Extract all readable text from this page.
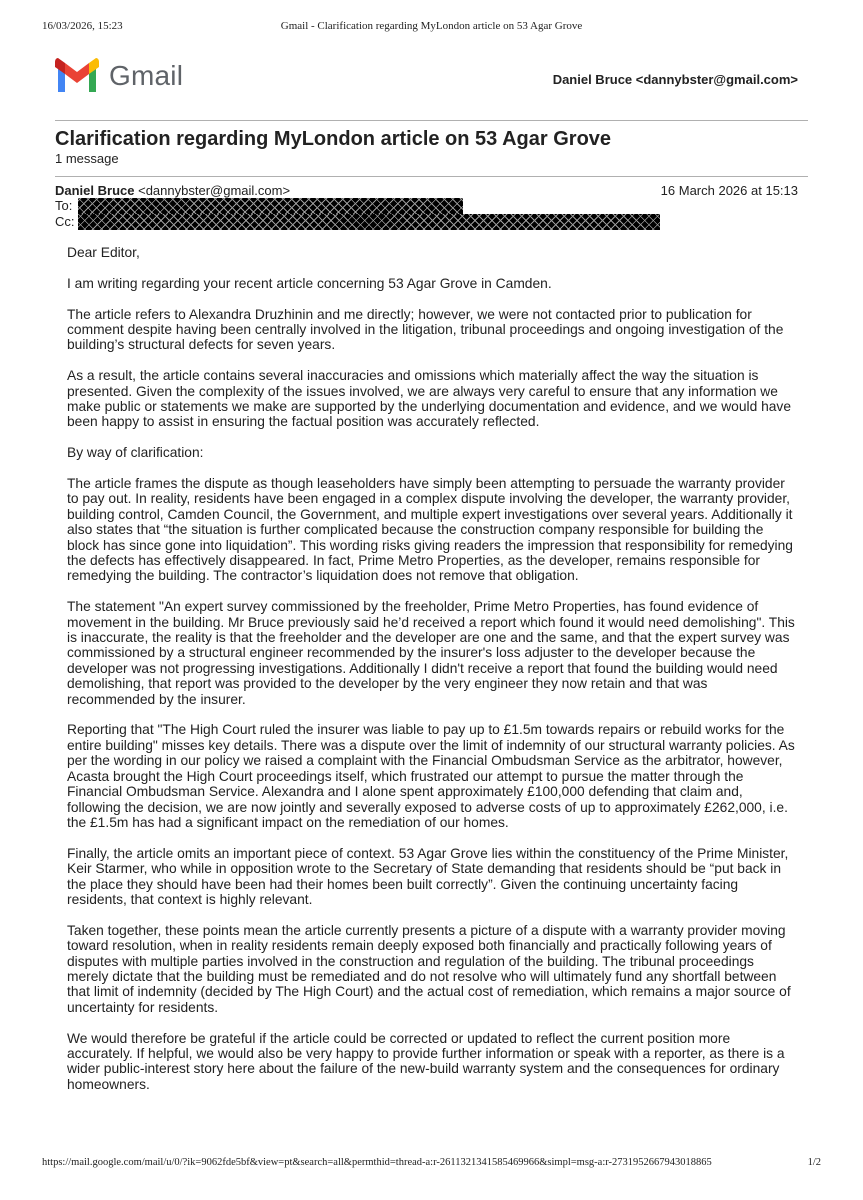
16/03/2026, 15:23	Gmail - Clarification regarding MyLondon article on 53 Agar Grove
Gmail	Daniel Bruce <dannybster@gmail.com>
Clarification regarding MyLondon article on 53 Agar Grove
1 message
Daniel Bruce <dannybster@gmail.com>	16 March 2026 at 15:13
To:
Cc:

Dear Editor,

I am writing regarding your recent article concerning 53 Agar Grove in Camden.

The article refers to Alexandra Druzhinin and me directly; however, we were not contacted prior to publication for comment despite having been centrally involved in the litigation, tribunal proceedings and ongoing investigation of the building’s structural defects for seven years.

As a result, the article contains several inaccuracies and omissions which materially affect the way the situation is presented. Given the complexity of the issues involved, we are always very careful to ensure that any information we make public or statements we make are supported by the underlying documentation and evidence, and we would have been happy to assist in ensuring the factual position was accurately reflected.

By way of clarification:

The article frames the dispute as though leaseholders have simply been attempting to persuade the warranty provider to pay out. In reality, residents have been engaged in a complex dispute involving the developer, the warranty provider, building control, Camden Council, the Government, and multiple expert investigations over several years. Additionally it also states that “the situation is further complicated because the construction company responsible for building the block has since gone into liquidation”. This wording risks giving readers the impression that responsibility for remedying the defects has effectively disappeared. In fact, Prime Metro Properties, as the developer, remains responsible for remedying the building. The contractor’s liquidation does not remove that obligation.

The statement "An expert survey commissioned by the freeholder, Prime Metro Properties, has found evidence of movement in the building. Mr Bruce previously said he’d received a report which found it would need demolishing". This is inaccurate, the reality is that the freeholder and the developer are one and the same, and that the expert survey was commissioned by a structural engineer recommended by the insurer's loss adjuster to the developer because the developer was not progressing investigations. Additionally I didn't receive a report that found the building would need demolishing, that report was provided to the developer by the very engineer they now retain and that was recommended by the insurer.

Reporting that "The High Court ruled the insurer was liable to pay up to £1.5m towards repairs or rebuild works for the entire building" misses key details. There was a dispute over the limit of indemnity of our structural warranty policies. As per the wording in our policy we raised a complaint with the Financial Ombudsman Service as the arbitrator, however, Acasta brought the High Court proceedings itself, which frustrated our attempt to pursue the matter through the Financial Ombudsman Service. Alexandra and I alone spent approximately £100,000 defending that claim and, following the decision, we are now jointly and severally exposed to adverse costs of up to approximately £262,000, i.e. the £1.5m has had a significant impact on the remediation of our homes.

Finally, the article omits an important piece of context. 53 Agar Grove lies within the constituency of the Prime Minister, Keir Starmer, who while in opposition wrote to the Secretary of State demanding that residents should be “put back in the place they should have been had their homes been built correctly”. Given the continuing uncertainty facing residents, that context is highly relevant.

Taken together, these points mean the article currently presents a picture of a dispute with a warranty provider moving toward resolution, when in reality residents remain deeply exposed both financially and practically following years of disputes with multiple parties involved in the construction and regulation of the building. The tribunal proceedings merely dictate that the building must be remediated and do not resolve who will ultimately fund any shortfall between that limit of indemnity (decided by The High Court) and the actual cost of remediation, which remains a major source of uncertainty for residents.

We would therefore be grateful if the article could be corrected or updated to reflect the current position more accurately. If helpful, we would also be very happy to provide further information or speak with a reporter, as there is a wider public-interest story here about the failure of the new-build warranty system and the consequences for ordinary homeowners.

https://mail.google.com/mail/u/0/?ik=9062fde5bf&view=pt&search=all&permthid=thread-a:r-2611321341585469966&simpl=msg-a:r-2731952667943018865	1/2
